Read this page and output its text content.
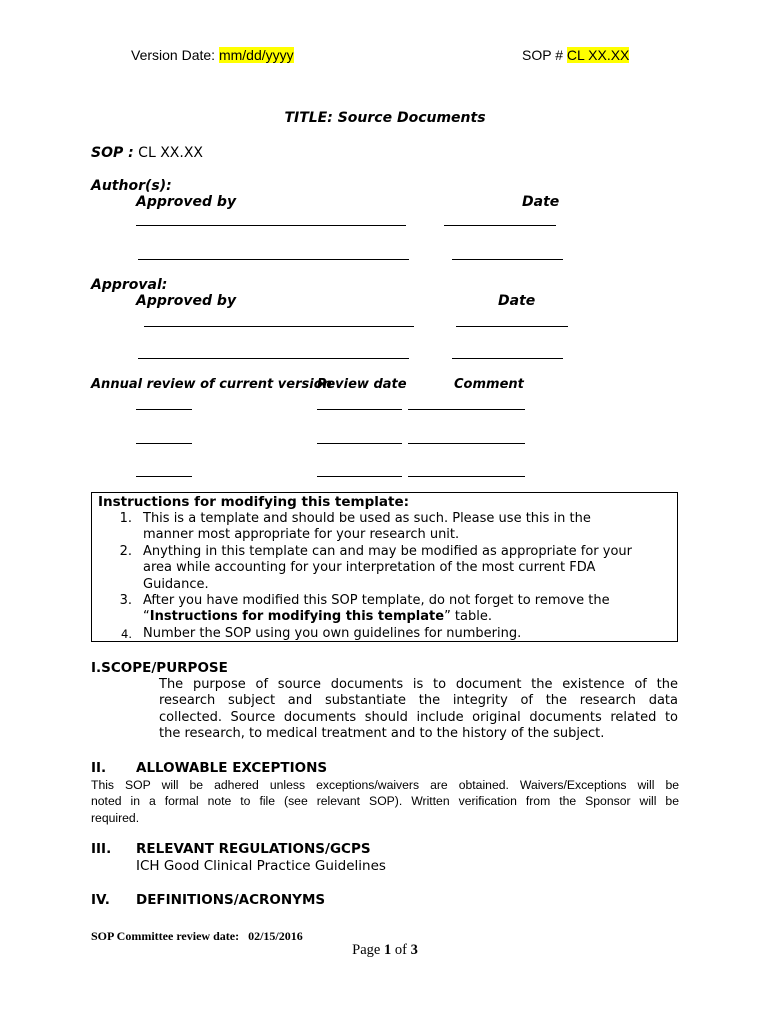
Version Date: mm/dd/yyyy	SOP # CL XX.XX
TITLE: Source Documents
SOP : CL XX.XX
Author(s):
Approved by	Date
Approval:
Approved by	Date
Annual review of current version
Review date	Comment
Instructions for modifying this template:
1. This is a template and should be used as such. Please use this in the
manner most appropriate for your research unit.
2. Anything in this template can and may be modified as appropriate for your
area while accounting for your interpretation of the most current FDA
Guidance.
3. After you have modified this SOP template, do not forget to remove the
“Instructions for modifying this template” table.
4. Number the SOP using you own guidelines for numbering.
I.SCOPE/PURPOSE
The purpose of source documents is to document the existence of the
research subject and substantiate the integrity of the research data
collected. Source documents should include original documents related to
the research, to medical treatment and to the history of the subject.
II. ALLOWABLE EXCEPTIONS
This SOP will be adhered unless exceptions/waivers are obtained. Waivers/Exceptions will be
noted in a formal note to file (see relevant SOP). Written verification from the Sponsor will be
required.
III. RELEVANT REGULATIONS/GCPS
ICH Good Clinical Practice Guidelines
IV. DEFINITIONS/ACRONYMS
SOP Committee review date: 02/15/2016
Page 1 of 3
